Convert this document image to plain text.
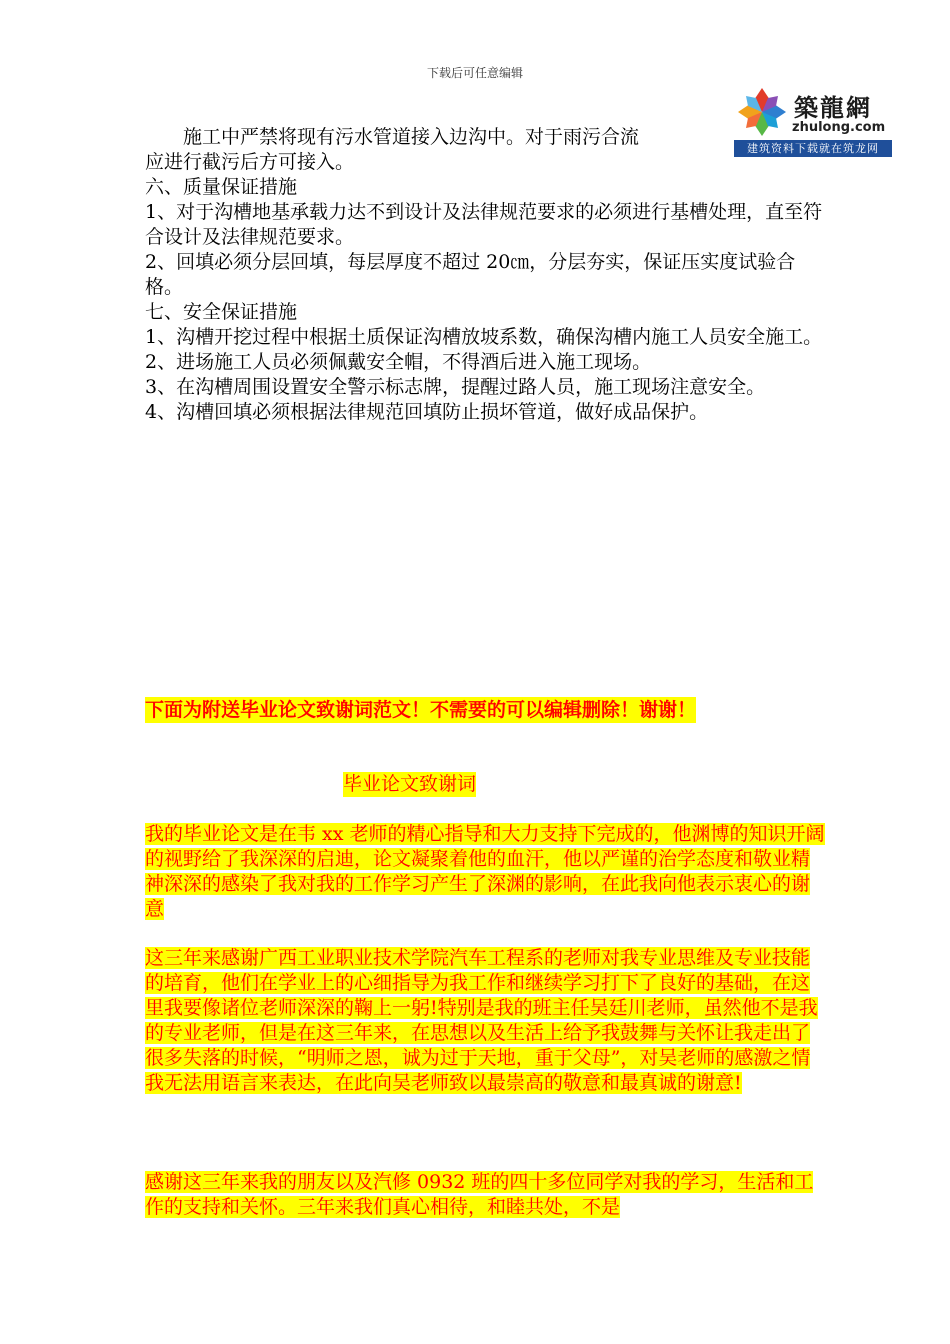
下载后可任意编辑
築龍網
zhulong.com
建筑资料下载就在筑龙网

施工中严禁将现有污水管道接入边沟中。对于雨污合流

应进行截污后方可接入。

六、质量保证措施

1、对于沟槽地基承载力达不到设计及法律规范要求的必须进行基槽处理，直至符合设计及法律规范要求。

2、回填必须分层回填，每层厚度不超过 20㎝，分层夯实，保证压实度试验合格。

七、安全保证措施

1、沟槽开挖过程中根据土质保证沟槽放坡系数，确保沟槽内施工人员安全施工。

2、进场施工人员必须佩戴安全帽，不得酒后进入施工现场。

3、在沟槽周围设置安全警示标志牌，提醒过路人员，施工现场注意安全。

4、沟槽回填必须根据法律规范回填防止损坏管道，做好成品保护。

下面为附送毕业论文致谢词范文！不需要的可以编辑删除！谢谢！
毕业论文致谢词
我的毕业论文是在韦 xx 老师的精心指导和大力支持下完成的，他渊博的知识开阔的视野给了我深深的启迪，论文凝聚着他的血汗，他以严谨的治学态度和敬业精神深深的感染了我对我的工作学习产生了深渊的影响，在此我向他表示衷心的谢意
这三年来感谢广西工业职业技术学院汽车工程系的老师对我专业思维及专业技能的培育，他们在学业上的心细指导为我工作和继续学习打下了良好的基础，在这里我要像诸位老师深深的鞠上一躬!特别是我的班主任吴廷川老师，虽然他不是我的专业老师，但是在这三年来，在思想以及生活上给予我鼓舞与关怀让我走出了很多失落的时候，“明师之恩，诚为过于天地，重于父母”，对吴老师的感激之情我无法用语言来表达，在此向吴老师致以最崇高的敬意和最真诚的谢意!
感谢这三年来我的朋友以及汽修 0932 班的四十多位同学对我的学习，生活和工作的支持和关怀。三年来我们真心相待，和睦共处，不是
